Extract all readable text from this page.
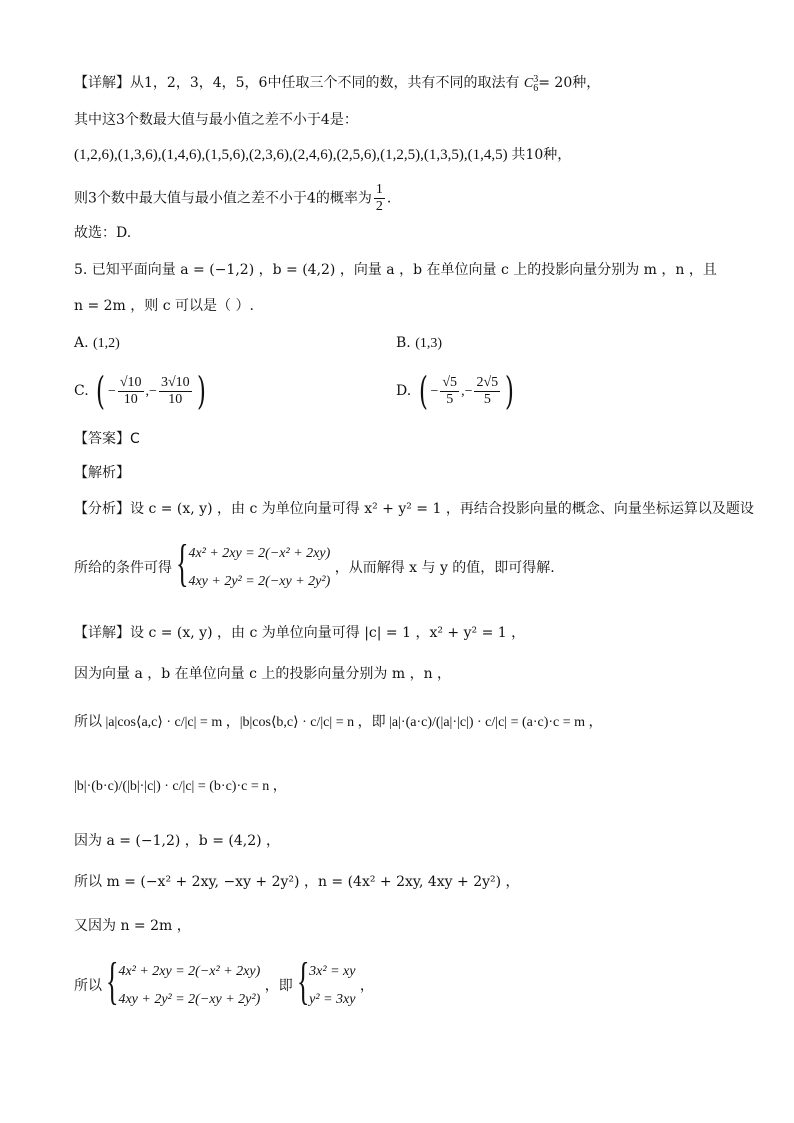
【详解】从1，2，3，4，5，6中任取三个不同的数，共有不同的取法有 C 3
6 = 20种，
其中这3个数最大值与最小值之差不小于4是：
(1,2,6),(1,3,6),(1,4,6),(1,5,6),(2,3,6),(2,4,6),(2,5,6),(1,2,5),(1,3,5),(1,4,5) 共10种，
则3个数中最大值与最小值之差不小于4的概率为 $\frac{1}{2}$ .
故选：D.
5. 已知平面向量 a = (−1,2) ，b = (4,2) ，向量 a ，b 在单位向量 c 上的投影向量分别为 m ，n ，且
n = 2m ，则 c 可以是（ ）.
A. (1,2)	B. (1,3)
C. ( − $\frac{√10}{10}$ ,− $\frac{3√10}{10}$ )	D. ( − $\frac{√5}{5}$ ,− $\frac{2√5}{5}$ )
【答案】C
【解析】
【分析】设 c = (x, y) ，由 c 为单位向量可得 x² + y² = 1 ，再结合投影向量的概念、向量坐标运算以及题设
所给的条件可得 { 4x² + 2xy = 2(−x² + 2xy)
4xy + 2y² = 2(−xy + 2y²)
，从而解得 x 与 y 的值，即可得解.
【详解】设 c = (x, y) ，由 c 为单位向量可得 |c| = 1 ，x² + y² = 1 ，
因为向量 a ，b 在单位向量 c 上的投影向量分别为 m ，n ，
所以 |a|cos⟨a,c⟩ · c/|c| = m ，|b|cos⟨b,c⟩ · c/|c| = n ，即 |a|·(a·c)/(|a|·|c|) · c/|c| = (a·c)·c = m ，
|b|·(b·c)/(|b|·|c|) · c/|c| = (b·c)·c = n ，
因为 a = (−1,2) ，b = (4,2) ，
所以 m = (−x² + 2xy, −xy + 2y²) ，n = (4x² + 2xy, 4xy + 2y²) ，
又因为 n = 2m ，
所以 { 4x² + 2xy = 2(−x² + 2xy)
4xy + 2y² = 2(−xy + 2y²)
，即 { 3x² = xy
y² = 3xy
，
